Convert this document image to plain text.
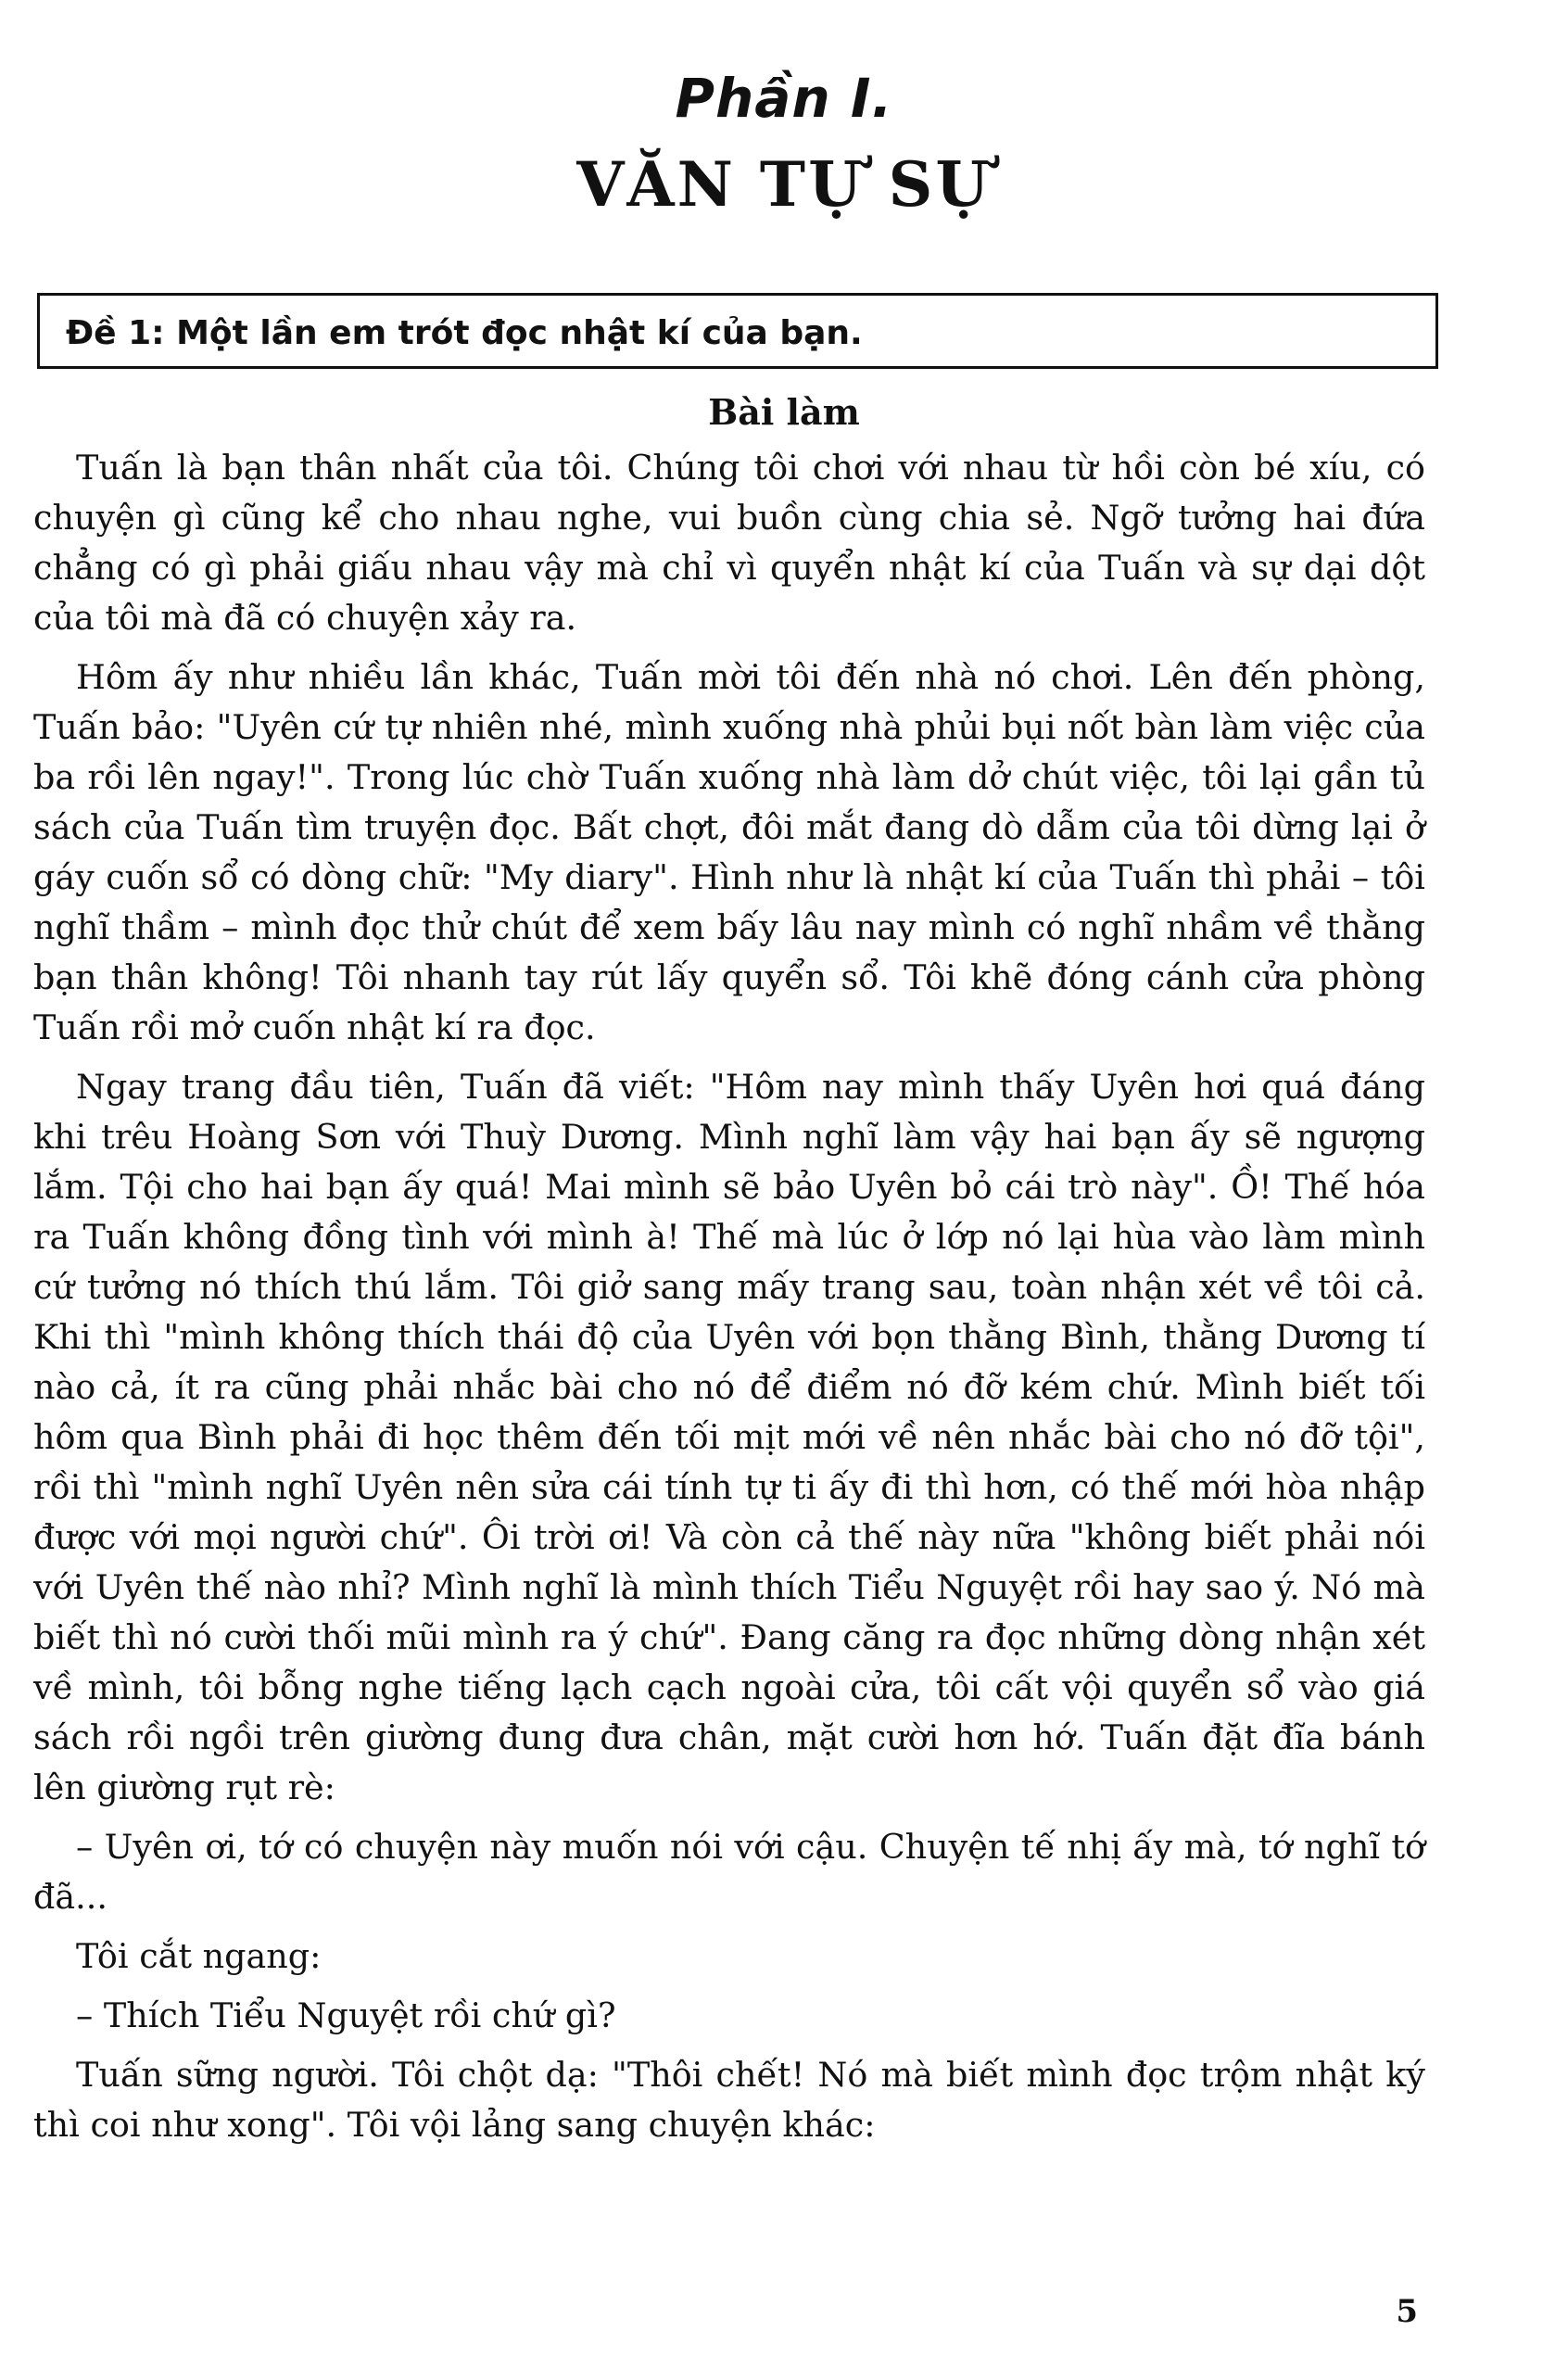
Phần I.
VĂN TỰ SỰ
Đề 1: Một lần em trót đọc nhật kí của bạn.
Bài làm

Tuấn là bạn thân nhất của tôi. Chúng tôi chơi với nhau từ hồi còn bé xíu, có chuyện gì cũng kể cho nhau nghe, vui buồn cùng chia sẻ. Ngỡ tưởng hai đứa chẳng có gì phải giấu nhau vậy mà chỉ vì quyển nhật kí của Tuấn và sự dại dột của tôi mà đã có chuyện xảy ra.

Hôm ấy như nhiều lần khác, Tuấn mời tôi đến nhà nó chơi. Lên đến phòng, Tuấn bảo: "Uyên cứ tự nhiên nhé, mình xuống nhà phủi bụi nốt bàn làm việc của ba rồi lên ngay!". Trong lúc chờ Tuấn xuống nhà làm dở chút việc, tôi lại gần tủ sách của Tuấn tìm truyện đọc. Bất chợt, đôi mắt đang dò dẫm của tôi dừng lại ở gáy cuốn sổ có dòng chữ: "My diary". Hình như là nhật kí của Tuấn thì phải – tôi nghĩ thầm – mình đọc thử chút để xem bấy lâu nay mình có nghĩ nhầm về thằng bạn thân không! Tôi nhanh tay rút lấy quyển sổ. Tôi khẽ đóng cánh cửa phòng Tuấn rồi mở cuốn nhật kí ra đọc.

Ngay trang đầu tiên, Tuấn đã viết: "Hôm nay mình thấy Uyên hơi quá đáng khi trêu Hoàng Sơn với Thuỳ Dương. Mình nghĩ làm vậy hai bạn ấy sẽ ngượng lắm. Tội cho hai bạn ấy quá! Mai mình sẽ bảo Uyên bỏ cái trò này". Ồ! Thế hóa ra Tuấn không đồng tình với mình à! Thế mà lúc ở lớp nó lại hùa vào làm mình cứ tưởng nó thích thú lắm. Tôi giở sang mấy trang sau, toàn nhận xét về tôi cả. Khi thì "mình không thích thái độ của Uyên với bọn thằng Bình, thằng Dương tí nào cả, ít ra cũng phải nhắc bài cho nó để điểm nó đỡ kém chứ. Mình biết tối hôm qua Bình phải đi học thêm đến tối mịt mới về nên nhắc bài cho nó đỡ tội", rồi thì "mình nghĩ Uyên nên sửa cái tính tự ti ấy đi thì hơn, có thế mới hòa nhập được với mọi người chứ". Ôi trời ơi! Và còn cả thế này nữa "không biết phải nói với Uyên thế nào nhỉ? Mình nghĩ là mình thích Tiểu Nguyệt rồi hay sao ý. Nó mà biết thì nó cười thối mũi mình ra ý chứ". Đang căng ra đọc những dòng nhận xét về mình, tôi bỗng nghe tiếng lạch cạch ngoài cửa, tôi cất vội quyển sổ vào giá sách rồi ngồi trên giường đung đưa chân, mặt cười hơn hớ. Tuấn đặt đĩa bánh lên giường rụt rè:

– Uyên ơi, tớ có chuyện này muốn nói với cậu. Chuyện tế nhị ấy mà, tớ nghĩ tớ đã...

Tôi cắt ngang:

– Thích Tiểu Nguyệt rồi chứ gì?

Tuấn sững người. Tôi chột dạ: "Thôi chết! Nó mà biết mình đọc trộm nhật ký thì coi như xong". Tôi vội lảng sang chuyện khác:

5
